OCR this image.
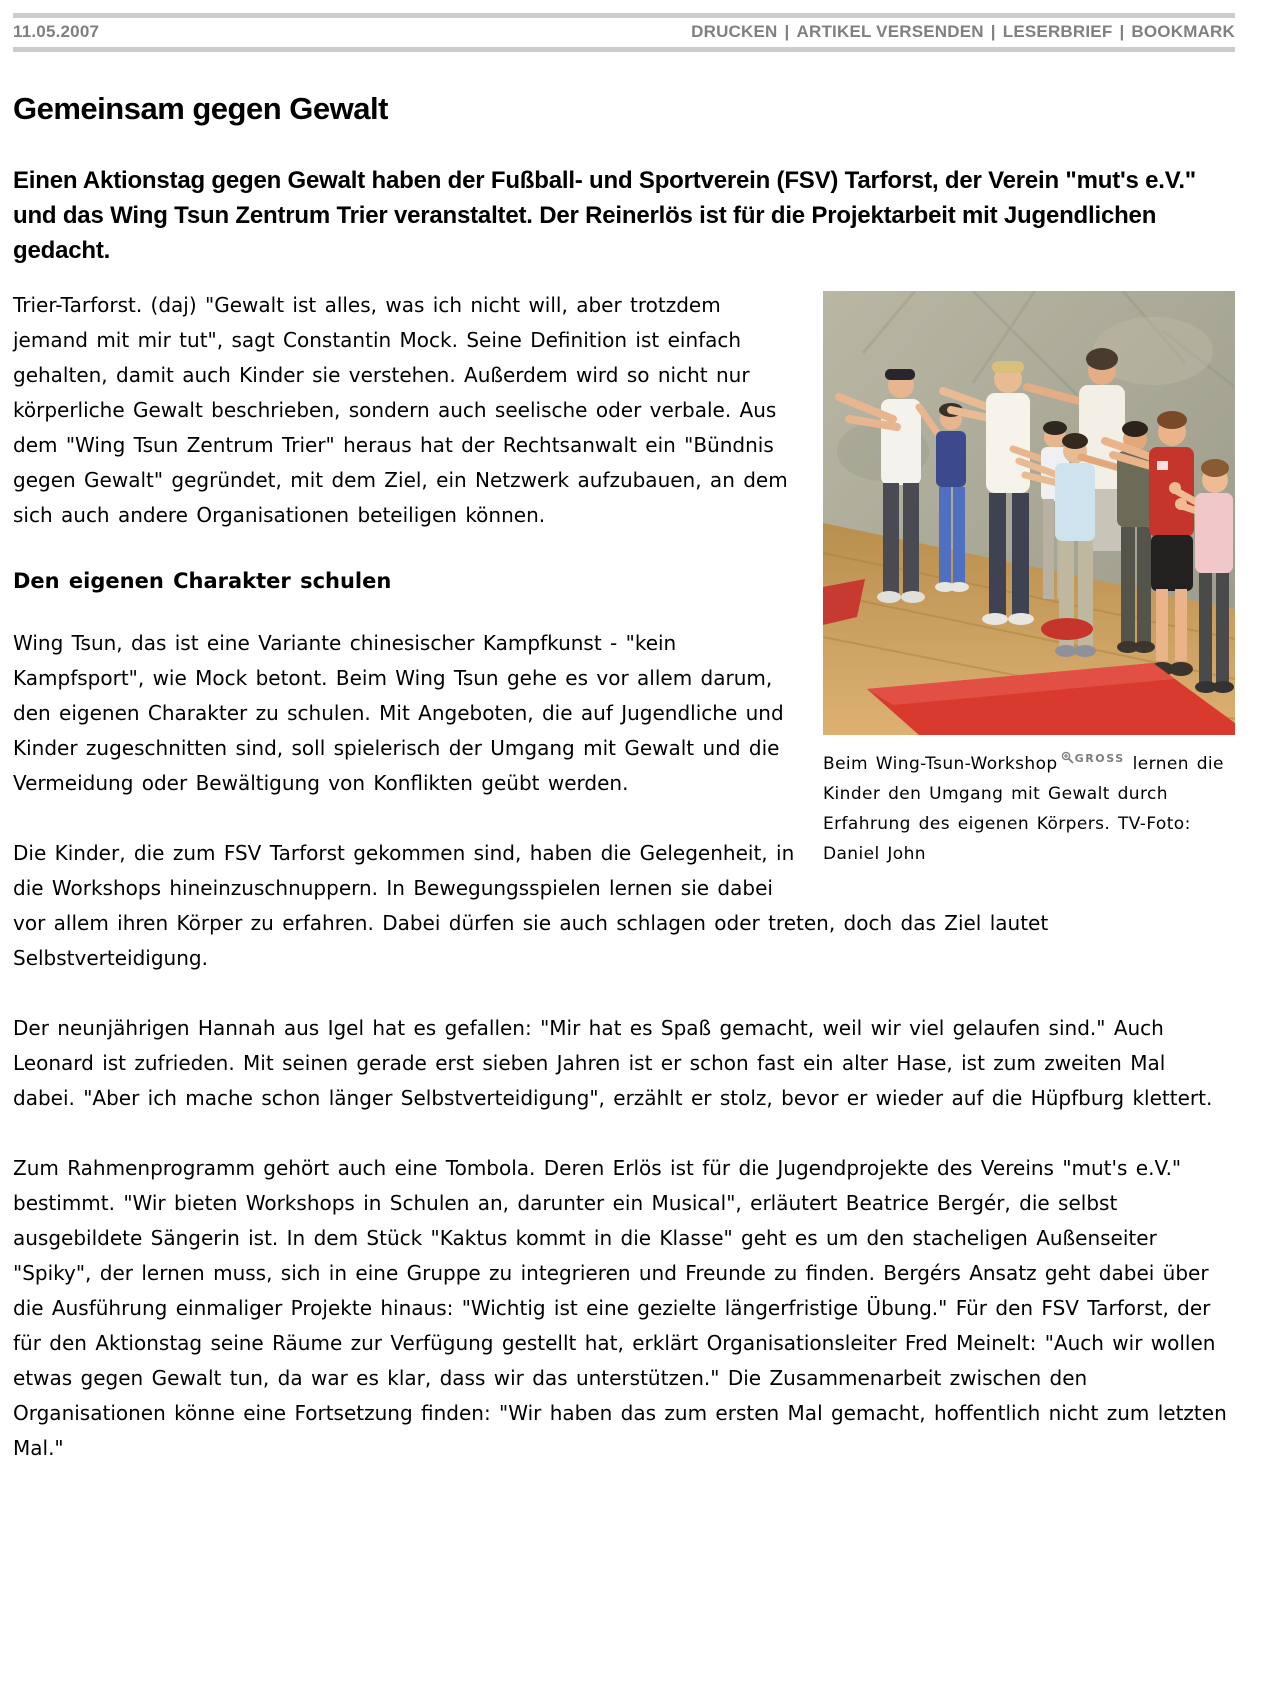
11.05.2007	DRUCKEN | ARTIKEL VERSENDEN | LESERBRIEF | BOOKMARK
Gemeinsam gegen Gewalt

Einen Aktionstag gegen Gewalt haben der Fußball- und Sportverein (FSV) Tarforst, der Verein "mut's e.V." und das Wing Tsun Zentrum Trier veranstaltet. Der Reinerlös ist für die Projektarbeit mit Jugendlichen gedacht.

Beim Wing-Tsun-Workshop $^{GROSS}$ lernen die Kinder den Umgang mit Gewalt durch Erfahrung des eigenen Körpers. TV-Foto: Daniel John

Trier-Tarforst. (daj) "Gewalt ist alles, was ich nicht will, aber trotzdem jemand mit mir tut", sagt Constantin Mock. Seine Definition ist einfach gehalten, damit auch Kinder sie verstehen. Außerdem wird so nicht nur körperliche Gewalt beschrieben, sondern auch seelische oder verbale. Aus dem "Wing Tsun Zentrum Trier" heraus hat der Rechtsanwalt ein "Bündnis gegen Gewalt" gegründet, mit dem Ziel, ein Netzwerk aufzubauen, an dem sich auch andere Organisationen beteiligen können.

Den eigenen Charakter schulen

Wing Tsun, das ist eine Variante chinesischer Kampfkunst - "kein Kampfsport", wie Mock betont. Beim Wing Tsun gehe es vor allem darum, den eigenen Charakter zu schulen. Mit Angeboten, die auf Jugendliche und Kinder zugeschnitten sind, soll spielerisch der Umgang mit Gewalt und die Vermeidung oder Bewältigung von Konflikten geübt werden.

Die Kinder, die zum FSV Tarforst gekommen sind, haben die Gelegenheit, in die Workshops hineinzuschnuppern. In Bewegungsspielen lernen sie dabei vor allem ihren Körper zu erfahren. Dabei dürfen sie auch schlagen oder treten, doch das Ziel lautet Selbstverteidigung.

Der neunjährigen Hannah aus Igel hat es gefallen: "Mir hat es Spaß gemacht, weil wir viel gelaufen sind." Auch Leonard ist zufrieden. Mit seinen gerade erst sieben Jahren ist er schon fast ein alter Hase, ist zum zweiten Mal dabei. "Aber ich mache schon länger Selbstverteidigung", erzählt er stolz, bevor er wieder auf die Hüpfburg klettert.

Zum Rahmenprogramm gehört auch eine Tombola. Deren Erlös ist für die Jugendprojekte des Vereins "mut's e.V." bestimmt. "Wir bieten Workshops in Schulen an, darunter ein Musical", erläutert Beatrice Bergér, die selbst ausgebildete Sängerin ist. In dem Stück "Kaktus kommt in die Klasse" geht es um den stacheligen Außenseiter "Spiky", der lernen muss, sich in eine Gruppe zu integrieren und Freunde zu finden. Bergérs Ansatz geht dabei über die Ausführung einmaliger Projekte hinaus: "Wichtig ist eine gezielte längerfristige Übung." Für den FSV Tarforst, der für den Aktionstag seine Räume zur Verfügung gestellt hat, erklärt Organisationsleiter Fred Meinelt: "Auch wir wollen etwas gegen Gewalt tun, da war es klar, dass wir das unterstützen." Die Zusammenarbeit zwischen den Organisationen könne eine Fortsetzung finden: "Wir haben das zum ersten Mal gemacht, hoffentlich nicht zum letzten Mal."
